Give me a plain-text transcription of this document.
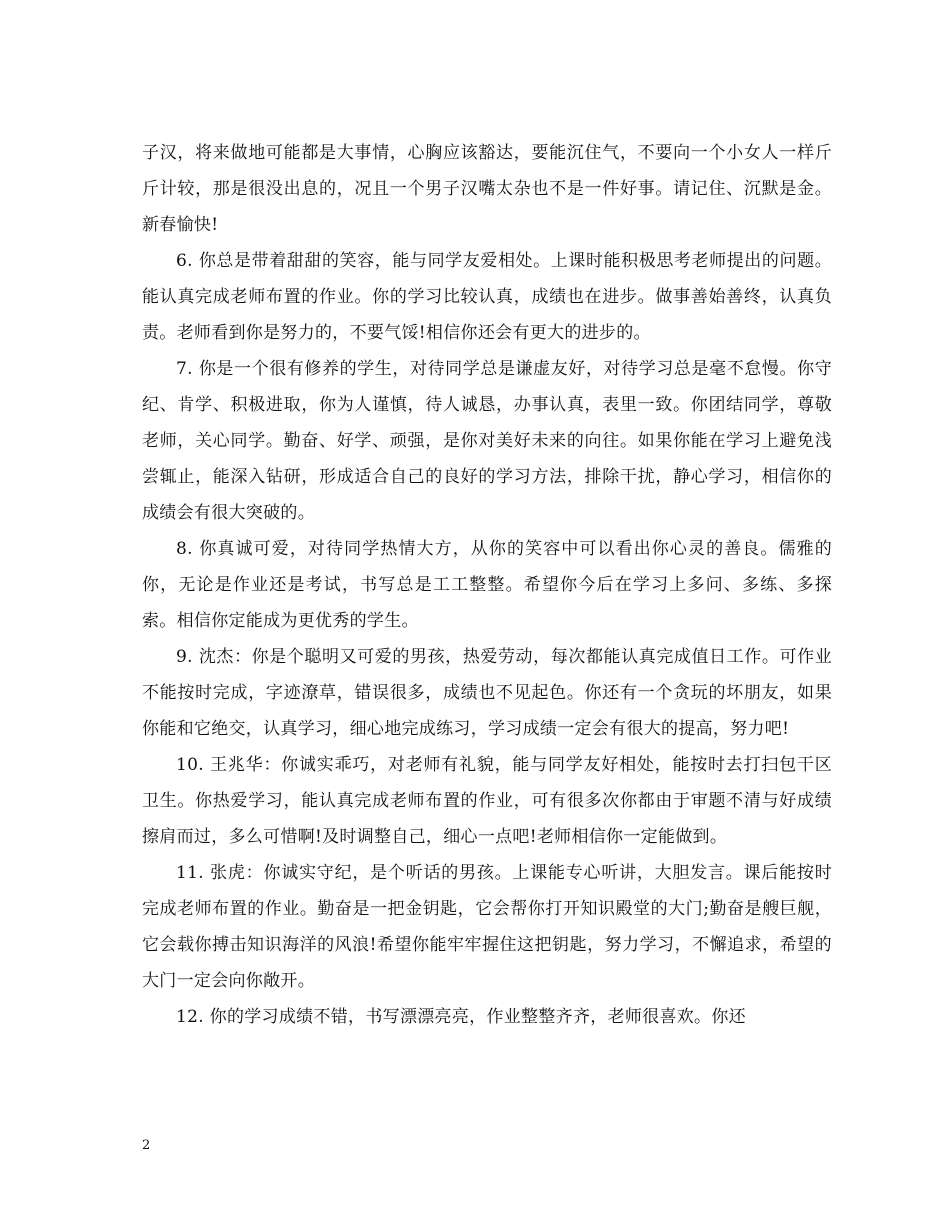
子汉，将来做地可能都是大事情，心胸应该豁达，要能沉住气，不要向一个小女人一样斤斤计较，那是很没出息的，况且一个男子汉嘴太杂也不是一件好事。请记住、沉默是金。新春愉快!

6. 你总是带着甜甜的笑容，能与同学友爱相处。上课时能积极思考老师提出的问题。能认真完成老师布置的作业。你的学习比较认真，成绩也在进步。做事善始善终，认真负责。老师看到你是努力的，不要气馁!相信你还会有更大的进步的。

7. 你是一个很有修养的学生，对待同学总是谦虚友好，对待学习总是毫不怠慢。你守纪、肯学、积极进取，你为人谨慎，待人诚恳，办事认真，表里一致。你团结同学，尊敬老师，关心同学。勤奋、好学、顽强，是你对美好未来的向往。如果你能在学习上避免浅尝辄止，能深入钻研，形成适合自己的良好的学习方法，排除干扰，静心学习，相信你的成绩会有很大突破的。

8. 你真诚可爱，对待同学热情大方，从你的笑容中可以看出你心灵的善良。儒雅的你，无论是作业还是考试，书写总是工工整整。希望你今后在学习上多问、多练、多探索。相信你定能成为更优秀的学生。

9. 沈杰：你是个聪明又可爱的男孩，热爱劳动，每次都能认真完成值日工作。可作业不能按时完成，字迹潦草，错误很多，成绩也不见起色。你还有一个贪玩的坏朋友，如果你能和它绝交，认真学习，细心地完成练习，学习成绩一定会有很大的提高，努力吧!

10. 王兆华：你诚实乖巧，对老师有礼貌，能与同学友好相处，能按时去打扫包干区卫生。你热爱学习，能认真完成老师布置的作业，可有很多次你都由于审题不清与好成绩擦肩而过，多么可惜啊!及时调整自己，细心一点吧!老师相信你一定能做到。

11. 张虎：你诚实守纪，是个听话的男孩。上课能专心听讲，大胆发言。课后能按时完成老师布置的作业。勤奋是一把金钥匙，它会帮你打开知识殿堂的大门;勤奋是艘巨舰，它会载你搏击知识海洋的风浪!希望你能牢牢握住这把钥匙，努力学习，不懈追求，希望的大门一定会向你敞开。

12. 你的学习成绩不错，书写漂漂亮亮，作业整整齐齐，老师很喜欢。你还

2
